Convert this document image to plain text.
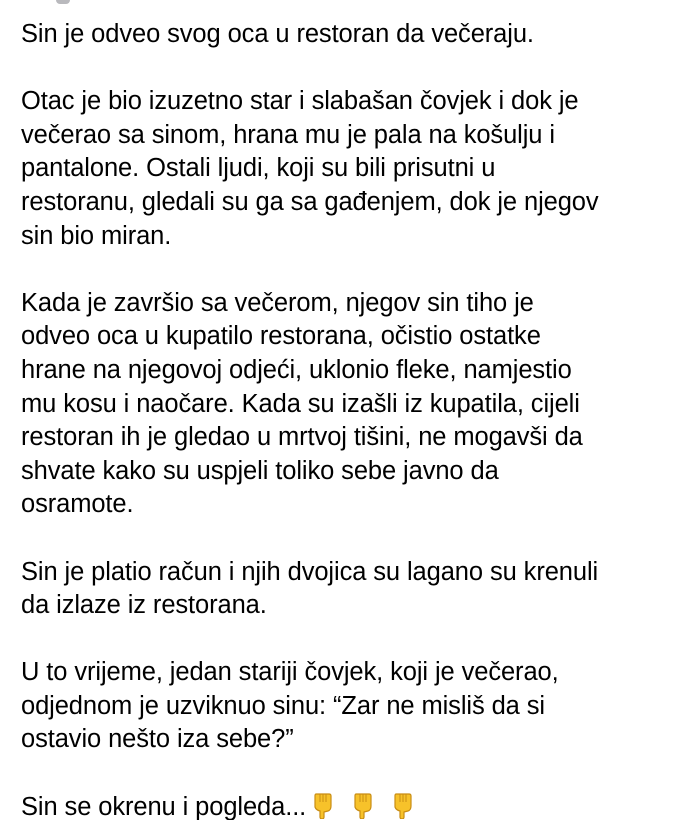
Sin je odveo svog oca u restoran da večeraju.

Otac je bio izuzetno star i slabašan čovjek i dok je
večerao sa sinom, hrana mu je pala na košulju i
pantalone. Ostali ljudi, koji su bili prisutni u
restoranu, gledali su ga sa gađenjem, dok je njegov
sin bio miran.

Kada je završio sa večerom, njegov sin tiho je
odveo oca u kupatilo restorana, očistio ostatke
hrane na njegovoj odjeći, uklonio fleke, namjestio
mu kosu i naočare. Kada su izašli iz kupatila, cijeli
restoran ih je gledao u mrtvoj tišini, ne mogavši da
shvate kako su uspjeli toliko sebe javno da
osramote.

Sin je platio račun i njih dvojica su lagano su krenuli
da izlaze iz restorana.

U to vrijeme, jedan stariji čovjek, koji je večerao,
odjednom je uzviknuo sinu: “Zar ne misliš da si
ostavio nešto iza sebe?”

Sin se okrenu i pogleda...
